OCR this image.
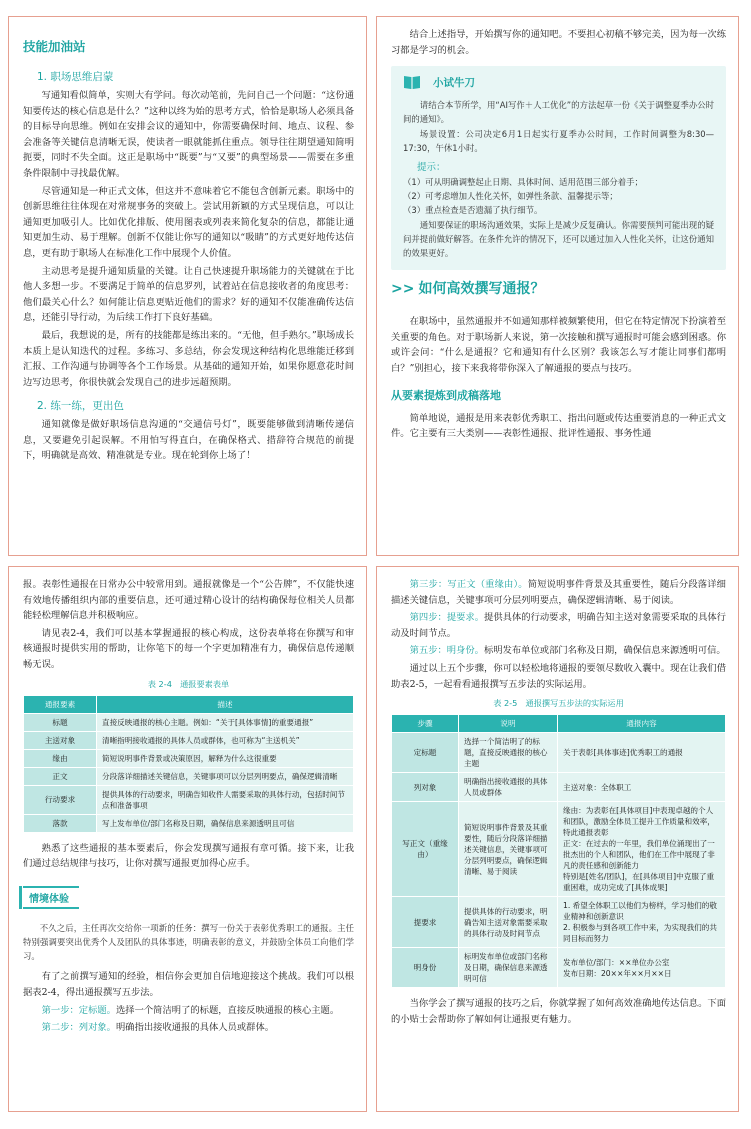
技能加油站
1. 职场思维启蒙

写通知看似简单，实则大有学问。每次动笔前，先问自己一个问题：“这份通知要传达的核心信息是什么？”这种以终为始的思考方式，恰恰是职场人必须具备的目标导向思维。例如在安排会议的通知中，你需要确保时间、地点、议程、参会准备等关键信息清晰无误，使读者一眼就能抓住重点。领导往往期望通知简明扼要，同时不失全面。这正是职场中“既要”与“又要”的典型场景——需要在多重条件限制中寻找最优解。

尽管通知是一种正式文体，但这并不意味着它不能包含创新元素。职场中的创新思维往往体现在对常规事务的突破上。尝试用新颖的方式呈现信息，可以让通知更加吸引人。比如优化排版、使用图表或列表来简化复杂的信息，都能让通知更加生动、易于理解。创新不仅能让你写的通知以“吸睛”的方式更好地传达信息，更有助于职场人在标准化工作中展现个人价值。

主动思考是提升通知质量的关键。让自己快速提升职场能力的关键就在于比他人多想一步。不要满足于简单的信息罗列，试着站在信息接收者的角度思考：他们最关心什么？如何能让信息更贴近他们的需求？好的通知不仅能准确传达信息，还能引导行动，为后续工作打下良好基础。

最后，我想说的是，所有的技能都是练出来的。“无他，但手熟尔。”职场成长本质上是认知迭代的过程。多练习、多总结，你会发现这种结构化思维能迁移到汇报、工作沟通与协调等各个工作场景。从基础的通知开始，如果你愿意花时间边写边思考，你很快就会发现自己的进步远超预期。

2. 练一练，更出色

通知就像是做好职场信息沟通的“交通信号灯”，既要能够做到清晰传递信息，又要避免引起误解。不用怕写得直白，在确保格式、措辞符合规范的前提下，明确就是高效、精准就是专业。现在轮到你上场了！

结合上述指导，开始撰写你的通知吧。不要担心初稿不够完美，因为每一次练习都是学习的机会。

小试牛刀
请结合本节所学，用“AI写作＋人工优化”的方法起草一份《关于调整夏季办公时间的通知》。
场景设置：公司决定6月1日起实行夏季办公时间，工作时间调整为8:30—17:30，午休1小时。
提示：
（1）可从明确调整起止日期、具体时间、适用范围三部分着手；
（2）可考虑增加人性化关怀，如弹性条款、温馨提示等；
（3）重点检查是否遗漏了执行细节。
通知要保证的职场沟通效果，实际上是减少反复确认。你需要预判可能出现的疑问并提前做好解答。在条件允许的情况下，还可以通过加入人性化关怀，让这份通知的效果更好。
>> 如何高效撰写通报？

在职场中，虽然通报并不如通知那样被频繁使用，但它在特定情况下扮演着至关重要的角色。对于职场新人来说，第一次接触和撰写通报时可能会感到困惑。你或许会问：“什么是通报？它和通知有什么区别？我该怎么写才能让同事们都明白？”别担心，接下来我将带你深入了解通报的要点与技巧。

从要素提炼到成稿落地

简单地说，通报是用来表彰优秀职工、指出问题或传达重要消息的一种正式文件。它主要有三大类别——表彰性通报、批评性通报、事务性通

报。表彰性通报在日常办公中较常用到。通报就像是一个“公告牌”，不仅能快速有效地传播组织内部的重要信息，还可通过精心设计的结构确保每位相关人员都能轻松理解信息并积极响应。

请见表2-4，我们可以基本掌握通报的核心构成，这份表单将在你撰写和审核通报时提供实用的帮助，让你笔下的每一个字更加精准有力，确保信息传递顺畅无误。

表 2-4　通报要素表单
通报要素	描述
标题	直接反映通报的核心主题。例如：“关于[具体事情]的重要通报”
主送对象	清晰指明接收通报的具体人员或群体，也可称为“主送机关”
缘由	简短说明事件背景或决策原因，解释为什么这很重要
正文	分段落详细描述关键信息，关键事项可以分层列明要点，确保逻辑清晰
行动要求	提供具体的行动要求，明确告知收件人需要采取的具体行动，包括时间节点和准备事项
落款	写上发布单位/部门名称及日期，确保信息来源透明且可信

熟悉了这些通报的基本要素后，你会发现撰写通报有章可循。接下来，让我们通过总结规律与技巧，让你对撰写通报更加得心应手。

情境体验
不久之后，主任再次交给你一项新的任务：撰写一份关于表彰优秀职工的通报。主任特别强调要突出优秀个人及团队的具体事迹，明确表彰的意义，并鼓励全体员工向他们学习。

有了之前撰写通知的经验，相信你会更加自信地迎接这个挑战。我们可以根据表2-4，得出通报撰写五步法。

第一步：定标题。选择一个简洁明了的标题，直接反映通报的核心主题。

第二步：列对象。明确指出接收通报的具体人员或群体。

第三步：写正文（重缘由）。简短说明事件背景及其重要性，随后分段落详细描述关键信息，关键事项可分层列明要点，确保逻辑清晰、易于阅读。

第四步：提要求。提供具体的行动要求，明确告知主送对象需要采取的具体行动及时间节点。

第五步：明身份。标明发布单位或部门名称及日期，确保信息来源透明可信。

通过以上五个步骤，你可以轻松地将通报的要领尽数收入囊中。现在让我们借助表2-5，一起看看通报撰写五步法的实际运用。

表 2-5　通报撰写五步法的实际运用
步骤	说明	通报内容
定标题	选择一个简洁明了的标题，直接反映通报的核心主题	关于表彰[具体事迹]优秀职工的通报
列对象	明确指出接收通报的具体人员或群体	主送对象：全体职工
写正文（重缘由）	简短说明事件背景及其重要性，随后分段落详细描述关键信息，关键事项可分层列明要点，确保逻辑清晰、易于阅读	缘由：为表彰在[具体项目]中表现卓越的个人和团队，激励全体员工提升工作质量和效率，特此通报表彰
正文：在过去的一年里，我们单位涌现出了一批杰出的个人和团队，他们在工作中展现了非凡的责任感和创新能力
特别是[姓名/团队]，在[具体项目]中克服了重重困难，成功完成了[具体成果]
提要求	提供具体的行动要求，明确告知主送对象需要采取的具体行动及时间节点	1. 希望全体职工以他们为榜样，学习他们的敬业精神和创新意识
2. 积极参与到各项工作中来，为实现我们的共同目标而努力
明身份	标明发布单位或部门名称及日期，确保信息来源透明可信	发布单位/部门：××单位办公室
发布日期：20××年××月××日

当你学会了撰写通报的技巧之后，你就掌握了如何高效准确地传达信息。下面的小贴士会帮助你了解如何让通报更有魅力。
